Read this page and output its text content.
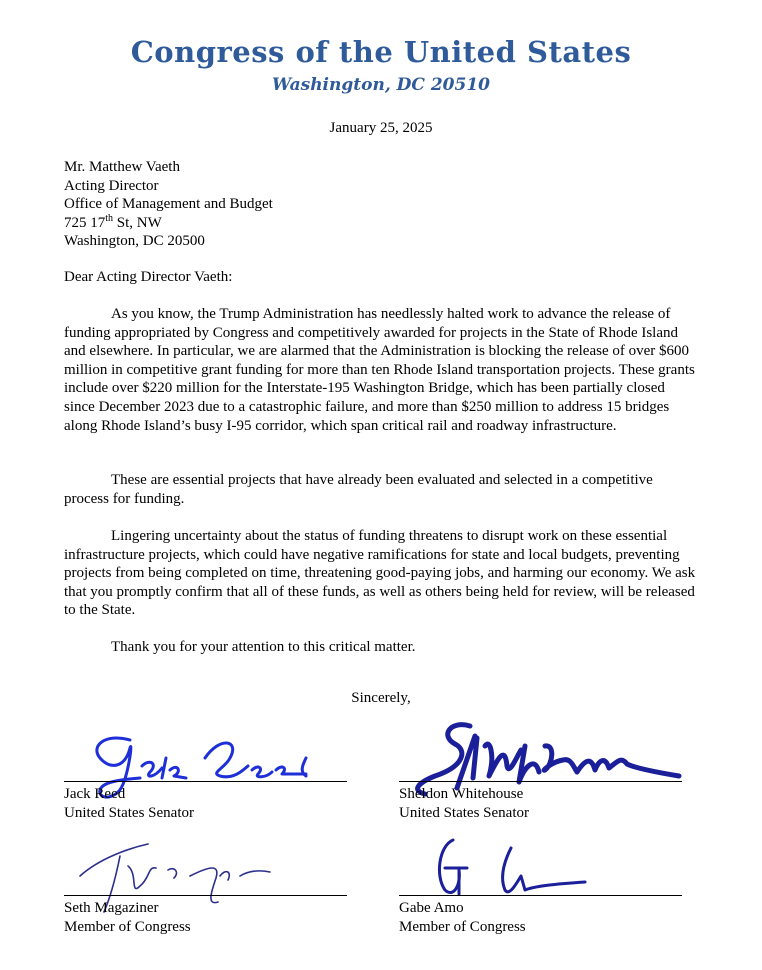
Congress of the United States
Washington, DC 20510
January 25, 2025
Mr. Matthew Vaeth
Acting Director
Office of Management and Budget
725 17th St, NW
Washington, DC 20500
Dear Acting Director Vaeth:

As you know, the Trump Administration has needlessly halted work to advance the release of funding appropriated by Congress and competitively awarded for projects in the State of Rhode Island and elsewhere. In particular, we are alarmed that the Administration is blocking the release of over $600 million in competitive grant funding for more than ten Rhode Island transportation projects. These grants include over $220 million for the Interstate-195 Washington Bridge, which has been partially closed since December 2023 due to a catastrophic failure, and more than $250 million to address 15 bridges along Rhode Island’s busy I-95 corridor, which span critical rail and roadway infrastructure.

These are essential projects that have already been evaluated and selected in a competitive process for funding.

Lingering uncertainty about the status of funding threatens to disrupt work on these essential infrastructure projects, which could have negative ramifications for state and local budgets, preventing projects from being completed on time, threatening good-paying jobs, and harming our economy. We ask that you promptly confirm that all of these funds, as well as others being held for review, will be released to the State.

Thank you for your attention to this critical matter.

Sincerely,
Jack Reed
United States Senator
Sheldon Whitehouse
United States Senator
Seth Magaziner
Member of Congress
Gabe Amo
Member of Congress
